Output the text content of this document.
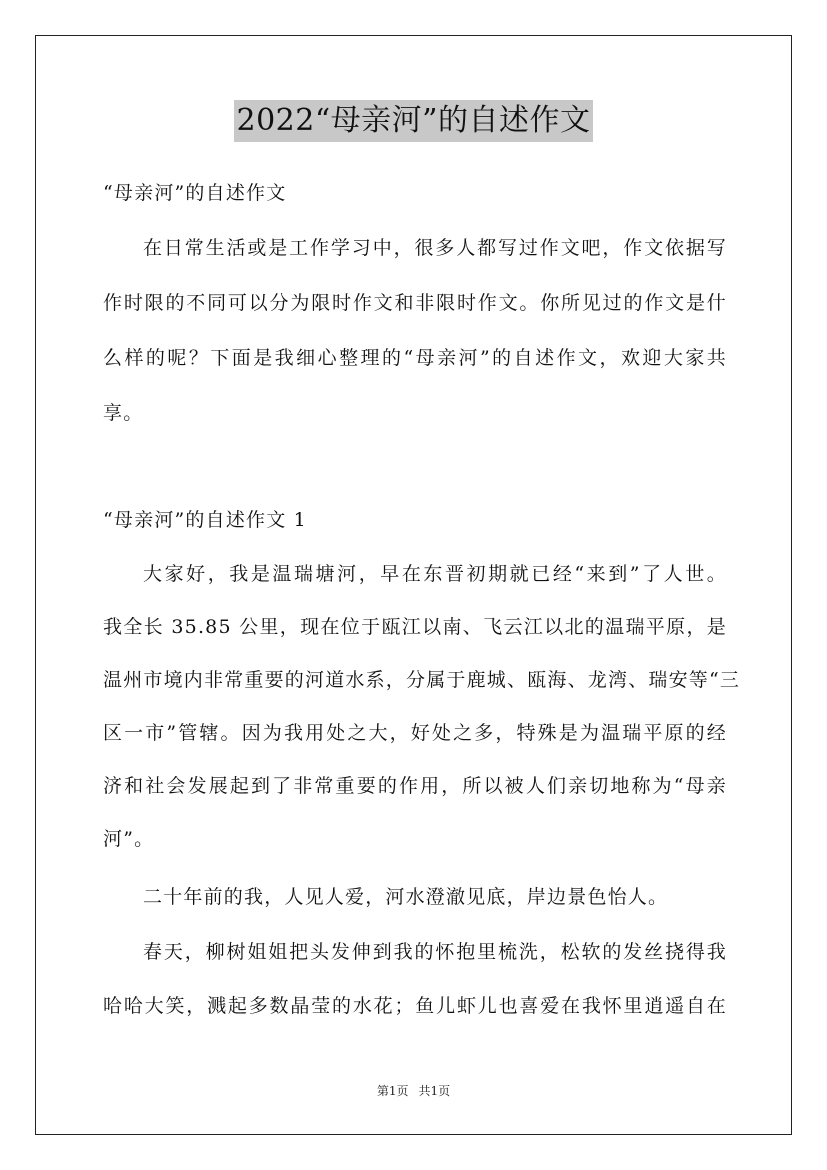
2022“母亲河”的自述作文
“母亲河”的自述作文
在日常生活或是工作学习中，很多人都写过作文吧，作文依据写
作时限的不同可以分为限时作文和非限时作文。你所见过的作文是什
么样的呢？下面是我细心整理的“母亲河”的自述作文，欢迎大家共
享。
“母亲河”的自述作文 1
大家好，我是温瑞塘河，早在东晋初期就已经“来到”了人世。
我全长 35.85 公里，现在位于瓯江以南、飞云江以北的温瑞平原，是
温州市境内非常重要的河道水系，分属于鹿城、瓯海、龙湾、瑞安等“三
区一市”管辖。因为我用处之大，好处之多，特殊是为温瑞平原的经
济和社会发展起到了非常重要的作用，所以被人们亲切地称为“母亲
河”。
二十年前的我，人见人爱，河水澄澈见底，岸边景色怡人。
春天，柳树姐姐把头发伸到我的怀抱里梳洗，松软的发丝挠得我
哈哈大笑，溅起多数晶莹的水花；鱼儿虾儿也喜爱在我怀里逍遥自在
第1页 共1页
